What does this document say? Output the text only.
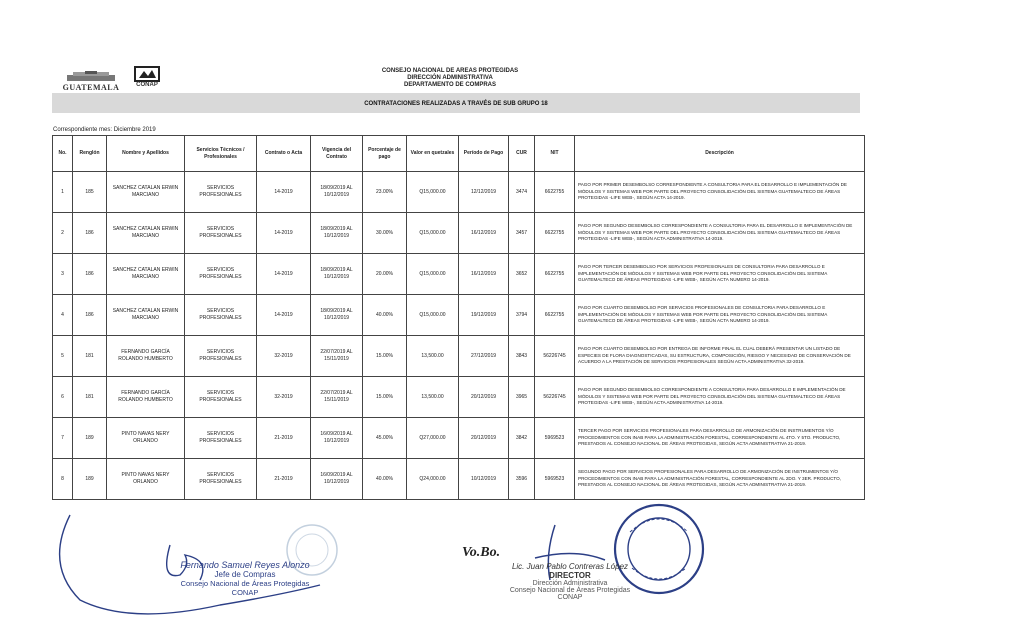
GUATEMALA	CONAP
CONSEJO NACIONAL DE AREAS PROTEGIDAS
DIRECCIÓN ADMINISTRATIVA
DEPARTAMENTO DE COMPRAS
CONTRATACIONES REALIZADAS A TRAVÉS DE SUB GRUPO 18
Correspondiente mes: Diciembre 2019
No.	Renglón	Nombre y Apellidos	Servicios Técnicos / Profesionales	Contrato o Acta	Vigencia del Contrato	Porcentaje de pago	Valor en quetzales	Período de Pago	CUR	NIT	Descripción
1	185	SANCHEZ CATALAN ERWIN MARCIANO	SERVICIOS PROFESIONALES	14-2019	18/09/2019 AL 10/12/2019	23.00%	Q15,000.00	12/12/2019	3474	6622755	PAGO POR PRIMER DESEMBOLSO CORRESPONDIENTE A CONSULTORIA PARA EL DESARROLLO E IMPLEMENTACIÓN DE MÓDULOS Y SISTEMAS WEB POR PARTE DEL PROYECTO CONSOLIDACIÓN DEL SISTEMA GUATEMALTECO DE ÁREAS PROTEGIDAS -LIFE WEB-, SEGÚN ACTA 14-2019.
2	186	SANCHEZ CATALAN ERWIN MARCIANO	SERVICIOS PROFESIONALES	14-2019	18/09/2019 AL 10/12/2019	30.00%	Q15,000.00	16/12/2019	3457	6622755	PAGO POR SEGUNDO DESEMBOLSO CORRESPONDIENTE A CONSULTORIA PARA EL DESARROLLO E IMPLEMENTACIÓN DE MÓDULOS Y SISTEMAS WEB POR PARTE DEL PROYECTO CONSOLIDACIÓN DEL SISTEMA GUATEMALTECO DE ÁREAS PROTEGIDAS -LIFE WEB-, SEGÚN ACTA ADMINISTRATIVA 14-2019.
3	186	SANCHEZ CATALAN ERWIN MARCIANO	SERVICIOS PROFESIONALES	14-2019	18/09/2019 AL 10/12/2019	20.00%	Q15,000.00	16/12/2019	3652	6622755	PAGO POR TERCER DESEMBOLSO POR SERVICIOS PROFESIONALES DE CONSULTORIA PARA DESARROLLO E IMPLEMENTACIÓN DE MÓDULOS Y SISTEMAS WEB POR PARTE DEL PROYECTO CONSOLIDACIÓN DEL SISTEMA GUATEMALTECO DE ÁREAS PROTEGIDAS -LIFE WEB-, SEGÚN ACTA NUMERO 14-2019.
4	186	SANCHEZ CATALAN ERWIN MARCIANO	SERVICIOS PROFESIONALES	14-2019	18/09/2019 AL 10/12/2019	40.00%	Q15,000.00	19/12/2019	3794	6622755	PAGO POR CUARTO DESEMBOLSO POR SERVICIOS PROFESIONALES DE CONSULTORIA PARA DESARROLLO E IMPLEMENTACIÓN DE MÓDULOS Y SISTEMAS WEB POR PARTE DEL PROYECTO CONSOLIDACIÓN DEL SISTEMA GUATEMALTECO DE ÁREAS PROTEGIDAS -LIFE WEB-, SEGÚN ACTA NUMERO 14-2019.
5	181	FERNANDO GARCÍA ROLANDO HUMBERTO	SERVICIOS PROFESIONALES	32-2019	22/07/2019 AL 15/11/2019	15.00%	13,500.00	27/12/2019	3843	56226745	PAGO POR CUARTO DESEMBOLSO POR ENTREGA DE INFORME FINAL EL CUAL DEBERÁ PRESENTAR UN LISTADO DE ESPECIES DE FLORA DIAGNOSTICADAS, SU ESTRUCTURA, COMPOSICIÓN, RIESGO Y NECESIDAD DE CONSERVACIÓN DE ACUERDO A LA PRESTACIÓN DE SERVICIOS PROFESIONALES SEGÚN ACTA ADMINISTRATIVA 32-2019.
6	181	FERNANDO GARCÍA ROLANDO HUMBERTO	SERVICIOS PROFESIONALES	32-2019	22/07/2019 AL 15/11/2019	15.00%	13,500.00	20/12/2019	3965	56226745	PAGO POR SEGUNDO DESEMBOLSO CORRESPONDIENTE A CONSULTORIA PARA DESARROLLO E IMPLEMENTACIÓN DE MÓDULOS Y SISTEMAS WEB POR PARTE DEL PROYECTO CONSOLIDACIÓN DEL SISTEMA GUATEMALTECO DE ÁREAS PROTEGIDAS -LIFE WEB-, SEGÚN ACTA ADMINISTRATIVA 14-2019.
7	189	PINTO NAVAS NERY ORLANDO	SERVICIOS PROFESIONALES	21-2019	16/09/2019 AL 10/12/2019	45.00%	Q27,000.00	20/12/2019	3842	5969523	TERCER PAGO POR SERVICIOS PROFESIONALES PARA DESARROLLO DE ARMONIZACIÓN DE INSTRUMENTOS Y/O PROCEDIMIENTOS CON INAB PARA LA ADMINISTRACIÓN FORESTAL, CORRESPONDIENTE AL 4TO. Y 5TO. PRODUCTO, PRESTADOS AL CONSEJO NACIONAL DE ÁREAS PROTEGIDAS, SEGÚN ACTA ADMINISTRATIVA 21-2019.
8	189	PINTO NAVAS NERY ORLANDO	SERVICIOS PROFESIONALES	21-2019	16/09/2019 AL 10/12/2019	40.00%	Q24,000.00	10/12/2019	3596	5969523	SEGUNDO PAGO POR SERVICIOS PROFESIONALES PARA DESARROLLO DE ARMONIZACIÓN DE INSTRUMENTOS Y/O PROCEDIMIENTOS CON INAB PARA LA ADMINISTRACIÓN FORESTAL, CORRESPONDIENTE AL 2DO. Y 3ER. PRODUCTO, PRESTADOS AL CONSEJO NACIONAL DE ÁREAS PROTEGIDAS, SEGÚN ACTA ADMINISTRATIVA 21-2019.
Fernando Samuel Reyes Alonzo
Jefe de Compras
Consejo Nacional de Áreas Protegidas
CONAP
Vo.Bo.
Lic. Juan Pablo Contreras López
DIRECTOR
Dirección Administrativa
Consejo Nacional de Áreas Protegidas
CONAP
